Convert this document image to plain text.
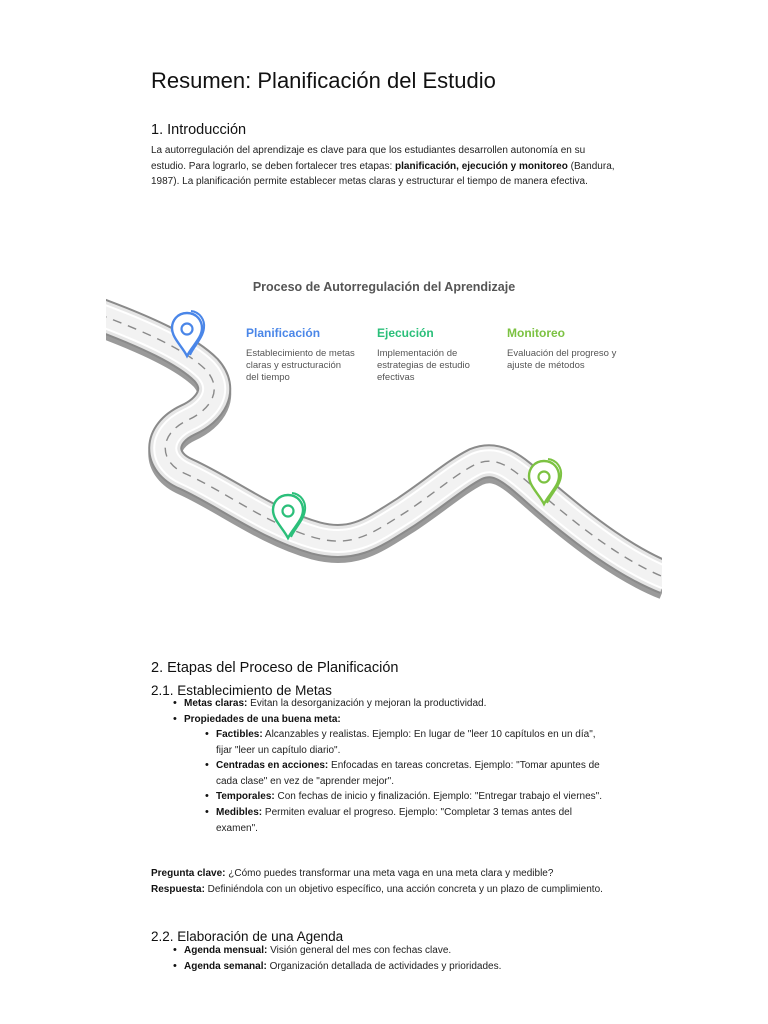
Resumen: Planificación del Estudio
1. Introducción

La autorregulación del aprendizaje es clave para que los estudiantes desarrollen autonomía en su estudio. Para lograrlo, se deben fortalecer tres etapas: planificación, ejecución y monitoreo (Bandura, 1987). La planificación permite establecer metas claras y estructurar el tiempo de manera efectiva.

Proceso de Autorregulación del Aprendizaje

Planificación

Establecimiento de metas claras y estructuración del tiempo

Ejecución

Implementación de estrategias de estudio efectivas

Monitoreo

Evaluación del progreso y ajuste de métodos

2. Etapas del Proceso de Planificación
2.1. Establecimiento de Metas
• Metas claras: Evitan la desorganización y mejoran la productividad.
• Propiedades de una buena meta:
• Factibles: Alcanzables y realistas. Ejemplo: En lugar de "leer 10 capítulos en un día", fijar "leer un capítulo diario".
• Centradas en acciones: Enfocadas en tareas concretas. Ejemplo: "Tomar apuntes de cada clase" en vez de "aprender mejor".
• Temporales: Con fechas de inicio y finalización. Ejemplo: "Entregar trabajo el viernes".
• Medibles: Permiten evaluar el progreso. Ejemplo: "Completar 3 temas antes del examen".

Pregunta clave: ¿Cómo puedes transformar una meta vaga en una meta clara y medible?
Respuesta: Definiéndola con un objetivo específico, una acción concreta y un plazo de cumplimiento.

2.2. Elaboración de una Agenda
• Agenda mensual: Visión general del mes con fechas clave.
• Agenda semanal: Organización detallada de actividades y prioridades.
